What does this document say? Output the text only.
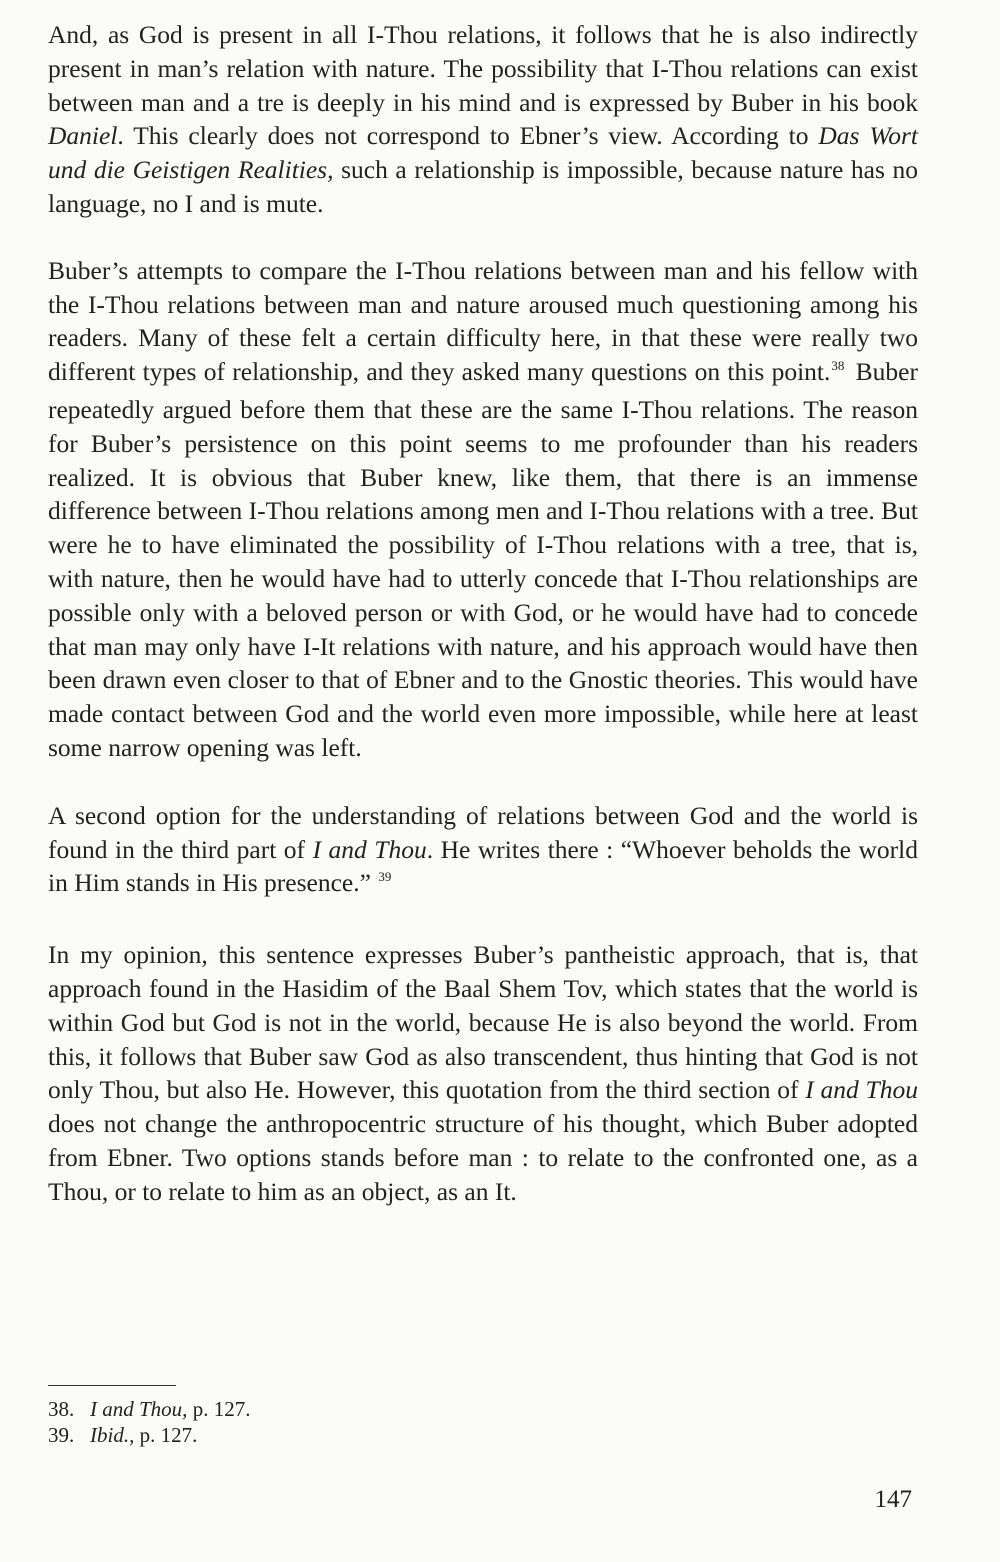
And, as God is present in all I-Thou relations, it follows that he is also indirectly present in man’s relation with nature. The possibility that I-Thou relations can exist between man and a tre is deeply in his mind and is expressed by Buber in his book Daniel. This clearly does not correspond to Ebner’s view. According to Das Wort und die Geistigen Realities, such a relationship is impossible, because nature has no language, no I and is mute.

Buber’s attempts to compare the I-Thou relations between man and his fellow with the I-Thou relations between man and nature aroused much questioning among his readers. Many of these felt a certain difficulty here, in that these were really two different types of relationship, and they asked many questions on this point.$^{38}$ Buber repeatedly argued before them that these are the same I-Thou relations. The reason for Buber’s persistence on this point seems to me profounder than his readers realized. It is obvious that Buber knew, like them, that there is an immense difference between I-Thou relations among men and I-Thou relations with a tree. But were he to have eliminated the possibility of I-Thou relations with a tree, that is, with nature, then he would have had to utterly concede that I-Thou relationships are possible only with a beloved person or with God, or he would have had to concede that man may only have I-It relations with nature, and his approach would have then been drawn even closer to that of Ebner and to the Gnostic theories. This would have made contact between God and the world even more impossible, while here at least some narrow opening was left.

A second option for the understanding of relations between God and the world is found in the third part of I and Thou. He writes there : “Whoever beholds the world in Him stands in His presence.” $^{39}$

In my opinion, this sentence expresses Buber’s pantheistic approach, that is, that approach found in the Hasidim of the Baal Shem Tov, which states that the world is within God but God is not in the world, because He is also beyond the world. From this, it follows that Buber saw God as also transcendent, thus hinting that God is not only Thou, but also He. However, this quotation from the third section of I and Thou does not change the anthropocentric structure of his thought, which Buber adopted from Ebner. Two options stands before man : to relate to the confronted one, as a Thou, or to relate to him as an object, as an It.

38. I and Thou, p. 127.

39. Ibid., p. 127.

147
